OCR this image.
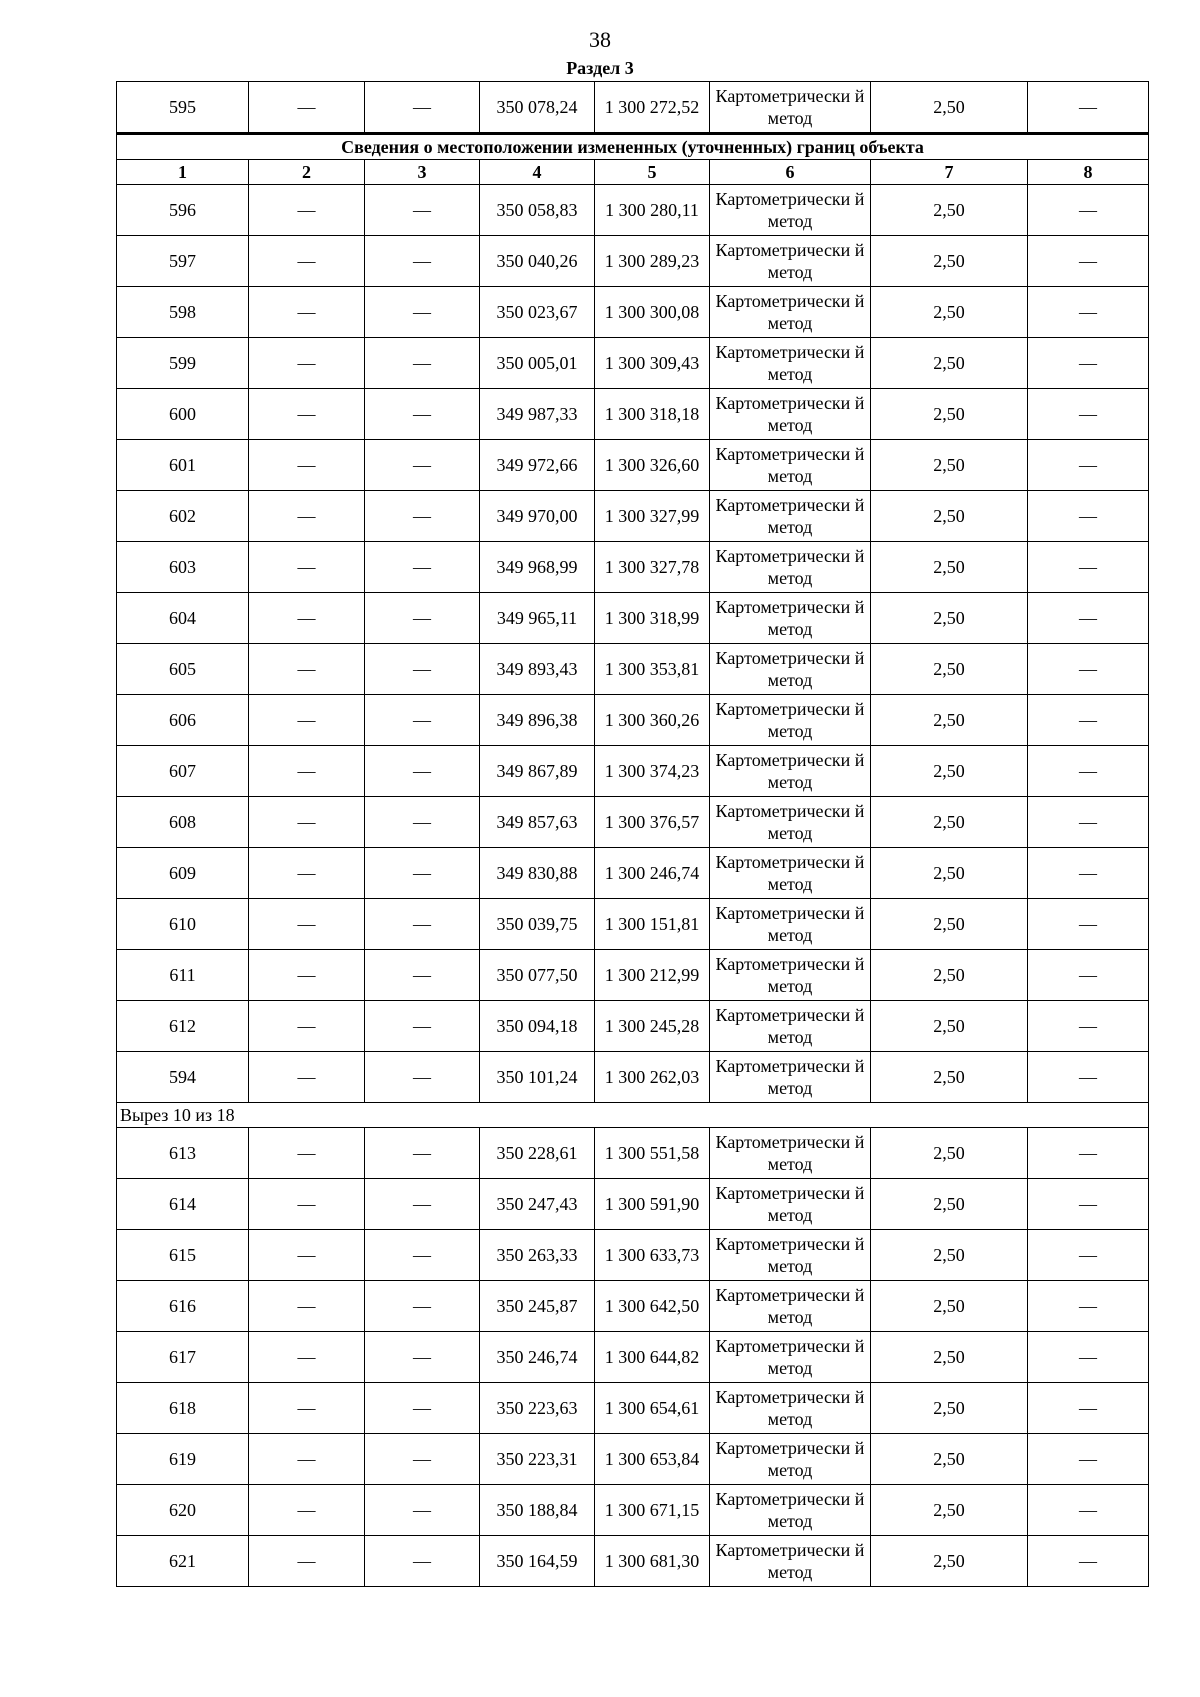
38
Раздел 3
595	—	—	350 078,24	1 300 272,52	Картометрически й метод	2,50	—
Сведения о местоположении измененных (уточненных) границ объекта							
1	2	3	4	5	6	7	8
596	—	—	350 058,83	1 300 280,11	Картометрически й метод	2,50	—
597	—	—	350 040,26	1 300 289,23	Картометрически й метод	2,50	—
598	—	—	350 023,67	1 300 300,08	Картометрически й метод	2,50	—
599	—	—	350 005,01	1 300 309,43	Картометрически й метод	2,50	—
600	—	—	349 987,33	1 300 318,18	Картометрически й метод	2,50	—
601	—	—	349 972,66	1 300 326,60	Картометрически й метод	2,50	—
602	—	—	349 970,00	1 300 327,99	Картометрически й метод	2,50	—
603	—	—	349 968,99	1 300 327,78	Картометрически й метод	2,50	—
604	—	—	349 965,11	1 300 318,99	Картометрически й метод	2,50	—
605	—	—	349 893,43	1 300 353,81	Картометрически й метод	2,50	—
606	—	—	349 896,38	1 300 360,26	Картометрически й метод	2,50	—
607	—	—	349 867,89	1 300 374,23	Картометрически й метод	2,50	—
608	—	—	349 857,63	1 300 376,57	Картометрически й метод	2,50	—
609	—	—	349 830,88	1 300 246,74	Картометрически й метод	2,50	—
610	—	—	350 039,75	1 300 151,81	Картометрически й метод	2,50	—
611	—	—	350 077,50	1 300 212,99	Картометрически й метод	2,50	—
612	—	—	350 094,18	1 300 245,28	Картометрически й метод	2,50	—
594	—	—	350 101,24	1 300 262,03	Картометрически й метод	2,50	—
Вырез 10 из 18							
613	—	—	350 228,61	1 300 551,58	Картометрически й метод	2,50	—
614	—	—	350 247,43	1 300 591,90	Картометрически й метод	2,50	—
615	—	—	350 263,33	1 300 633,73	Картометрически й метод	2,50	—
616	—	—	350 245,87	1 300 642,50	Картометрически й метод	2,50	—
617	—	—	350 246,74	1 300 644,82	Картометрически й метод	2,50	—
618	—	—	350 223,63	1 300 654,61	Картометрически й метод	2,50	—
619	—	—	350 223,31	1 300 653,84	Картометрически й метод	2,50	—
620	—	—	350 188,84	1 300 671,15	Картометрически й метод	2,50	—
621	—	—	350 164,59	1 300 681,30	Картометрически й метод	2,50	—
